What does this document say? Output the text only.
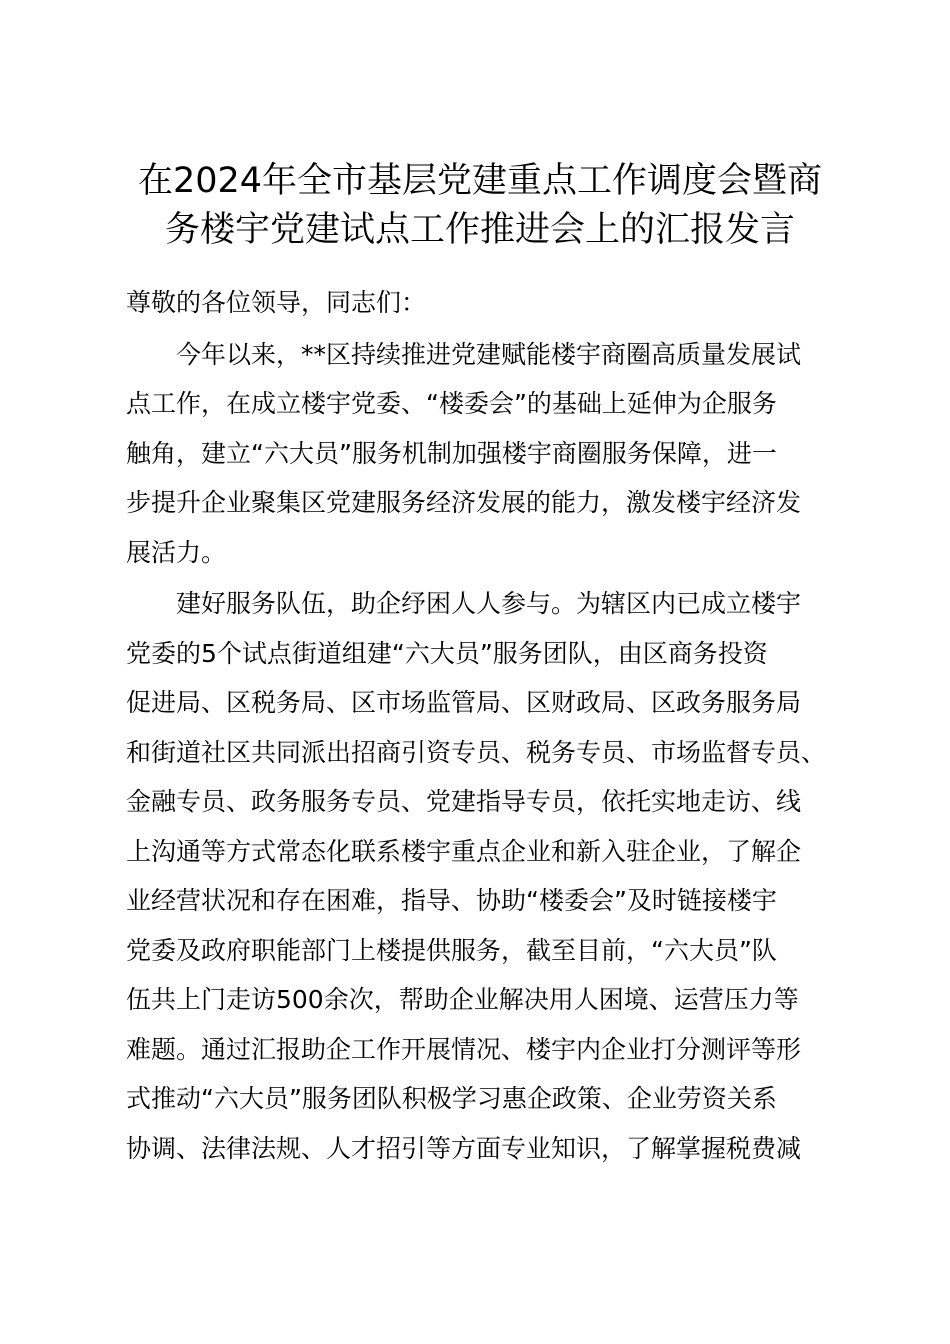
在2024年全市基层党建重点工作调度会暨商
务楼宇党建试点工作推进会上的汇报发言
尊敬的各位领导，同志们：
今年以来，**区持续推进党建赋能楼宇商圈高质量发展试
点工作，在成立楼宇党委、“楼委会”的基础上延伸为企服务
触角，建立“六大员”服务机制加强楼宇商圈服务保障，进一
步提升企业聚集区党建服务经济发展的能力，激发楼宇经济发
展活力。
建好服务队伍，助企纾困人人参与。为辖区内已成立楼宇
党委的5个试点街道组建“六大员”服务团队，由区商务投资
促进局、区税务局、区市场监管局、区财政局、区政务服务局
和街道社区共同派出招商引资专员、税务专员、市场监督专员、
金融专员、政务服务专员、党建指导专员，依托实地走访、线
上沟通等方式常态化联系楼宇重点企业和新入驻企业，了解企
业经营状况和存在困难，指导、协助“楼委会”及时链接楼宇
党委及政府职能部门上楼提供服务，截至目前，“六大员”队
伍共上门走访500余次，帮助企业解决用人困境、运营压力等
难题。通过汇报助企工作开展情况、楼宇内企业打分测评等形
式推动“六大员”服务团队积极学习惠企政策、企业劳资关系
协调、法律法规、人才招引等方面专业知识，了解掌握税费减
